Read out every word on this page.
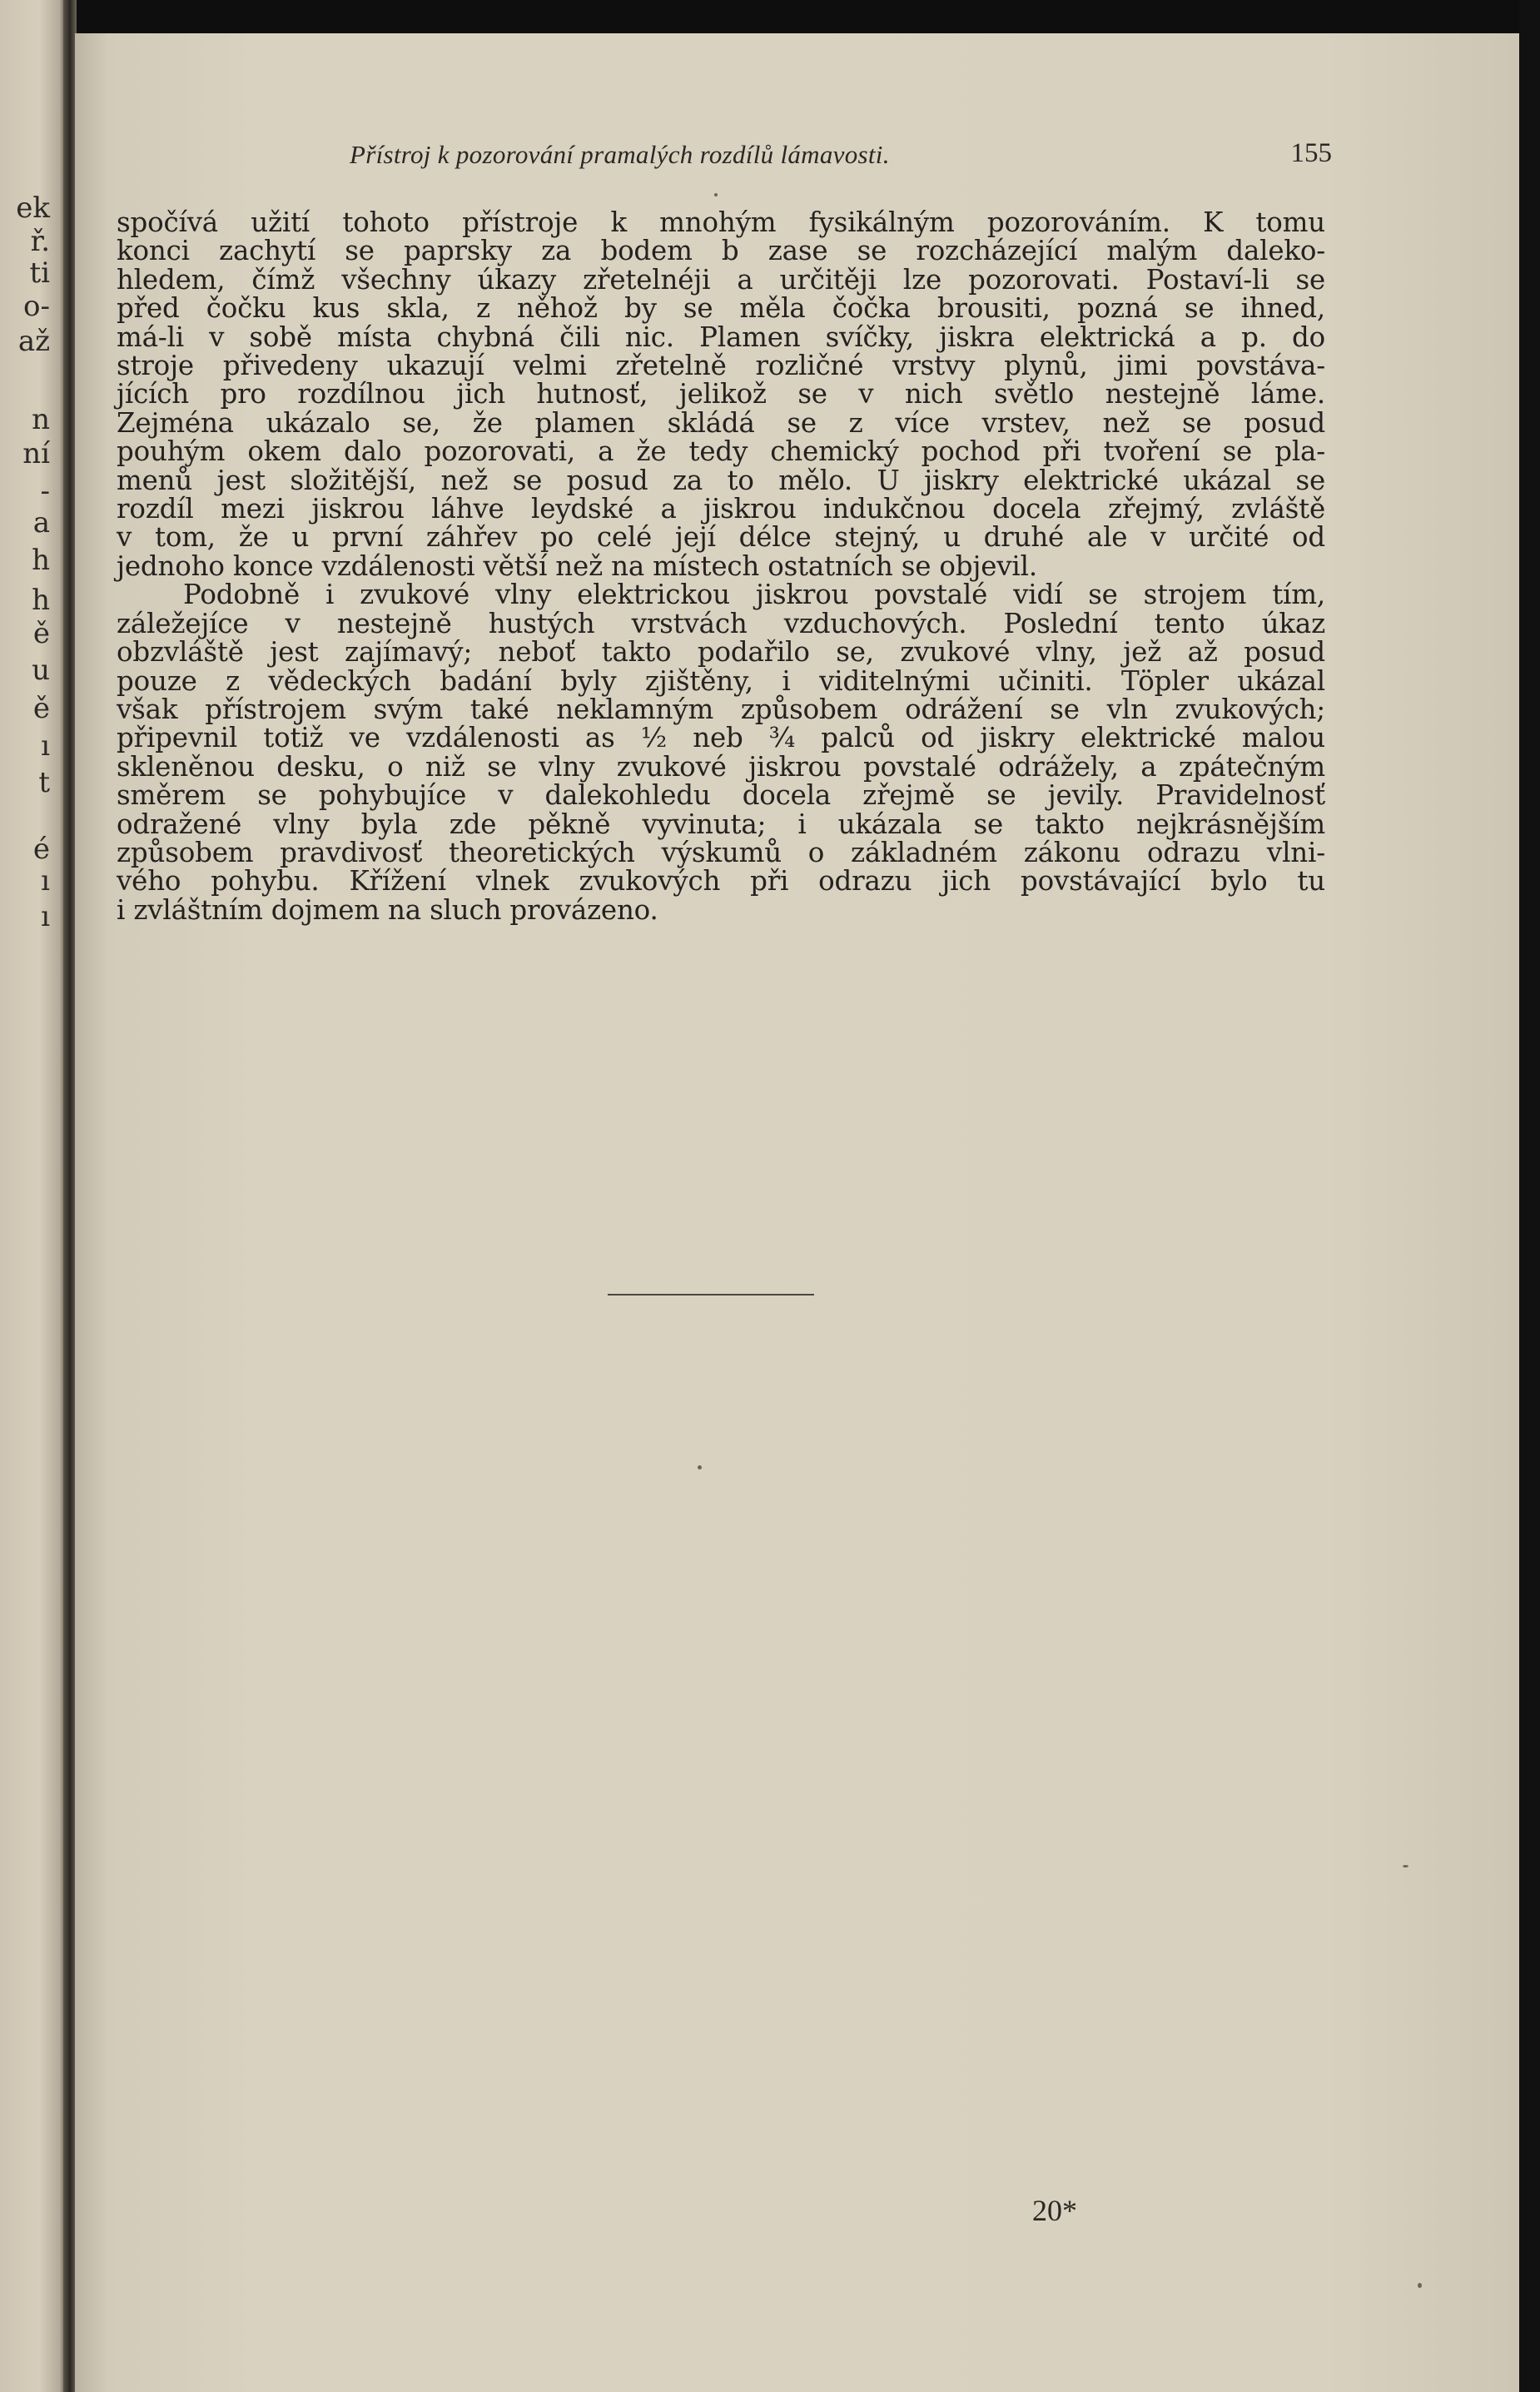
ek
ř.
ti
o-
až
n
ní
-
a
h
h
ě
u
ě
ı
t
é
ı
ı
Přístroj k pozorování pramalých rozdílů lámavosti.	155
spočívá užití tohoto přístroje k mnohým fysikálným pozorováním. K tomu
konci zachytí se paprsky za bodem b zase se rozcházející malým daleko-
hledem, čímž všechny úkazy zřetelnéji a určitěji lze pozorovati. Postaví-li se
před čočku kus skla, z něhož by se měla čočka brousiti, pozná se ihned,
má-li v sobě místa chybná čili nic. Plamen svíčky, jiskra elektrická a p. do
stroje přivedeny ukazují velmi zřetelně rozličné vrstvy plynů, jimi povstáva-
jících pro rozdílnou jich hutnosť, jelikož se v nich světlo nestejně láme.
Zejména ukázalo se, že plamen skládá se z více vrstev, než se posud
pouhým okem dalo pozorovati, a že tedy chemický pochod při tvoření se pla-
menů jest složitější, než se posud za to mělo. U jiskry elektrické ukázal se
rozdíl mezi jiskrou láhve leydské a jiskrou indukčnou docela zřejmý, zvláště
v tom, že u první záhřev po celé její délce stejný, u druhé ale v určité od
jednoho konce vzdálenosti větší než na místech ostatních se objevil.
Podobně i zvukové vlny elektrickou jiskrou povstalé vidí se strojem tím,
záležejíce v nestejně hustých vrstvách vzduchových. Poslední tento úkaz
obzvláště jest zajímavý; neboť takto podařilo se, zvukové vlny, jež až posud
pouze z vědeckých badání byly zjištěny, i viditelnými učiniti. Töpler ukázal
však přístrojem svým také neklamným způsobem odrážení se vln zvukových;
připevnil totiž ve vzdálenosti as ½ neb ¾ palců od jiskry elektrické malou
skleněnou desku, o niž se vlny zvukové jiskrou povstalé odrážely, a zpátečným
směrem se pohybujíce v dalekohledu docela zřejmě se jevily. Pravidelnosť
odražené vlny byla zde pěkně vyvinuta; i ukázala se takto nejkrásnějším
způsobem pravdivosť theoretických výskumů o základném zákonu odrazu vlni-
vého pohybu. Křížení vlnek zvukových při odrazu jich povstávající bylo tu
i zvláštním dojmem na sluch provázeno.
20*
